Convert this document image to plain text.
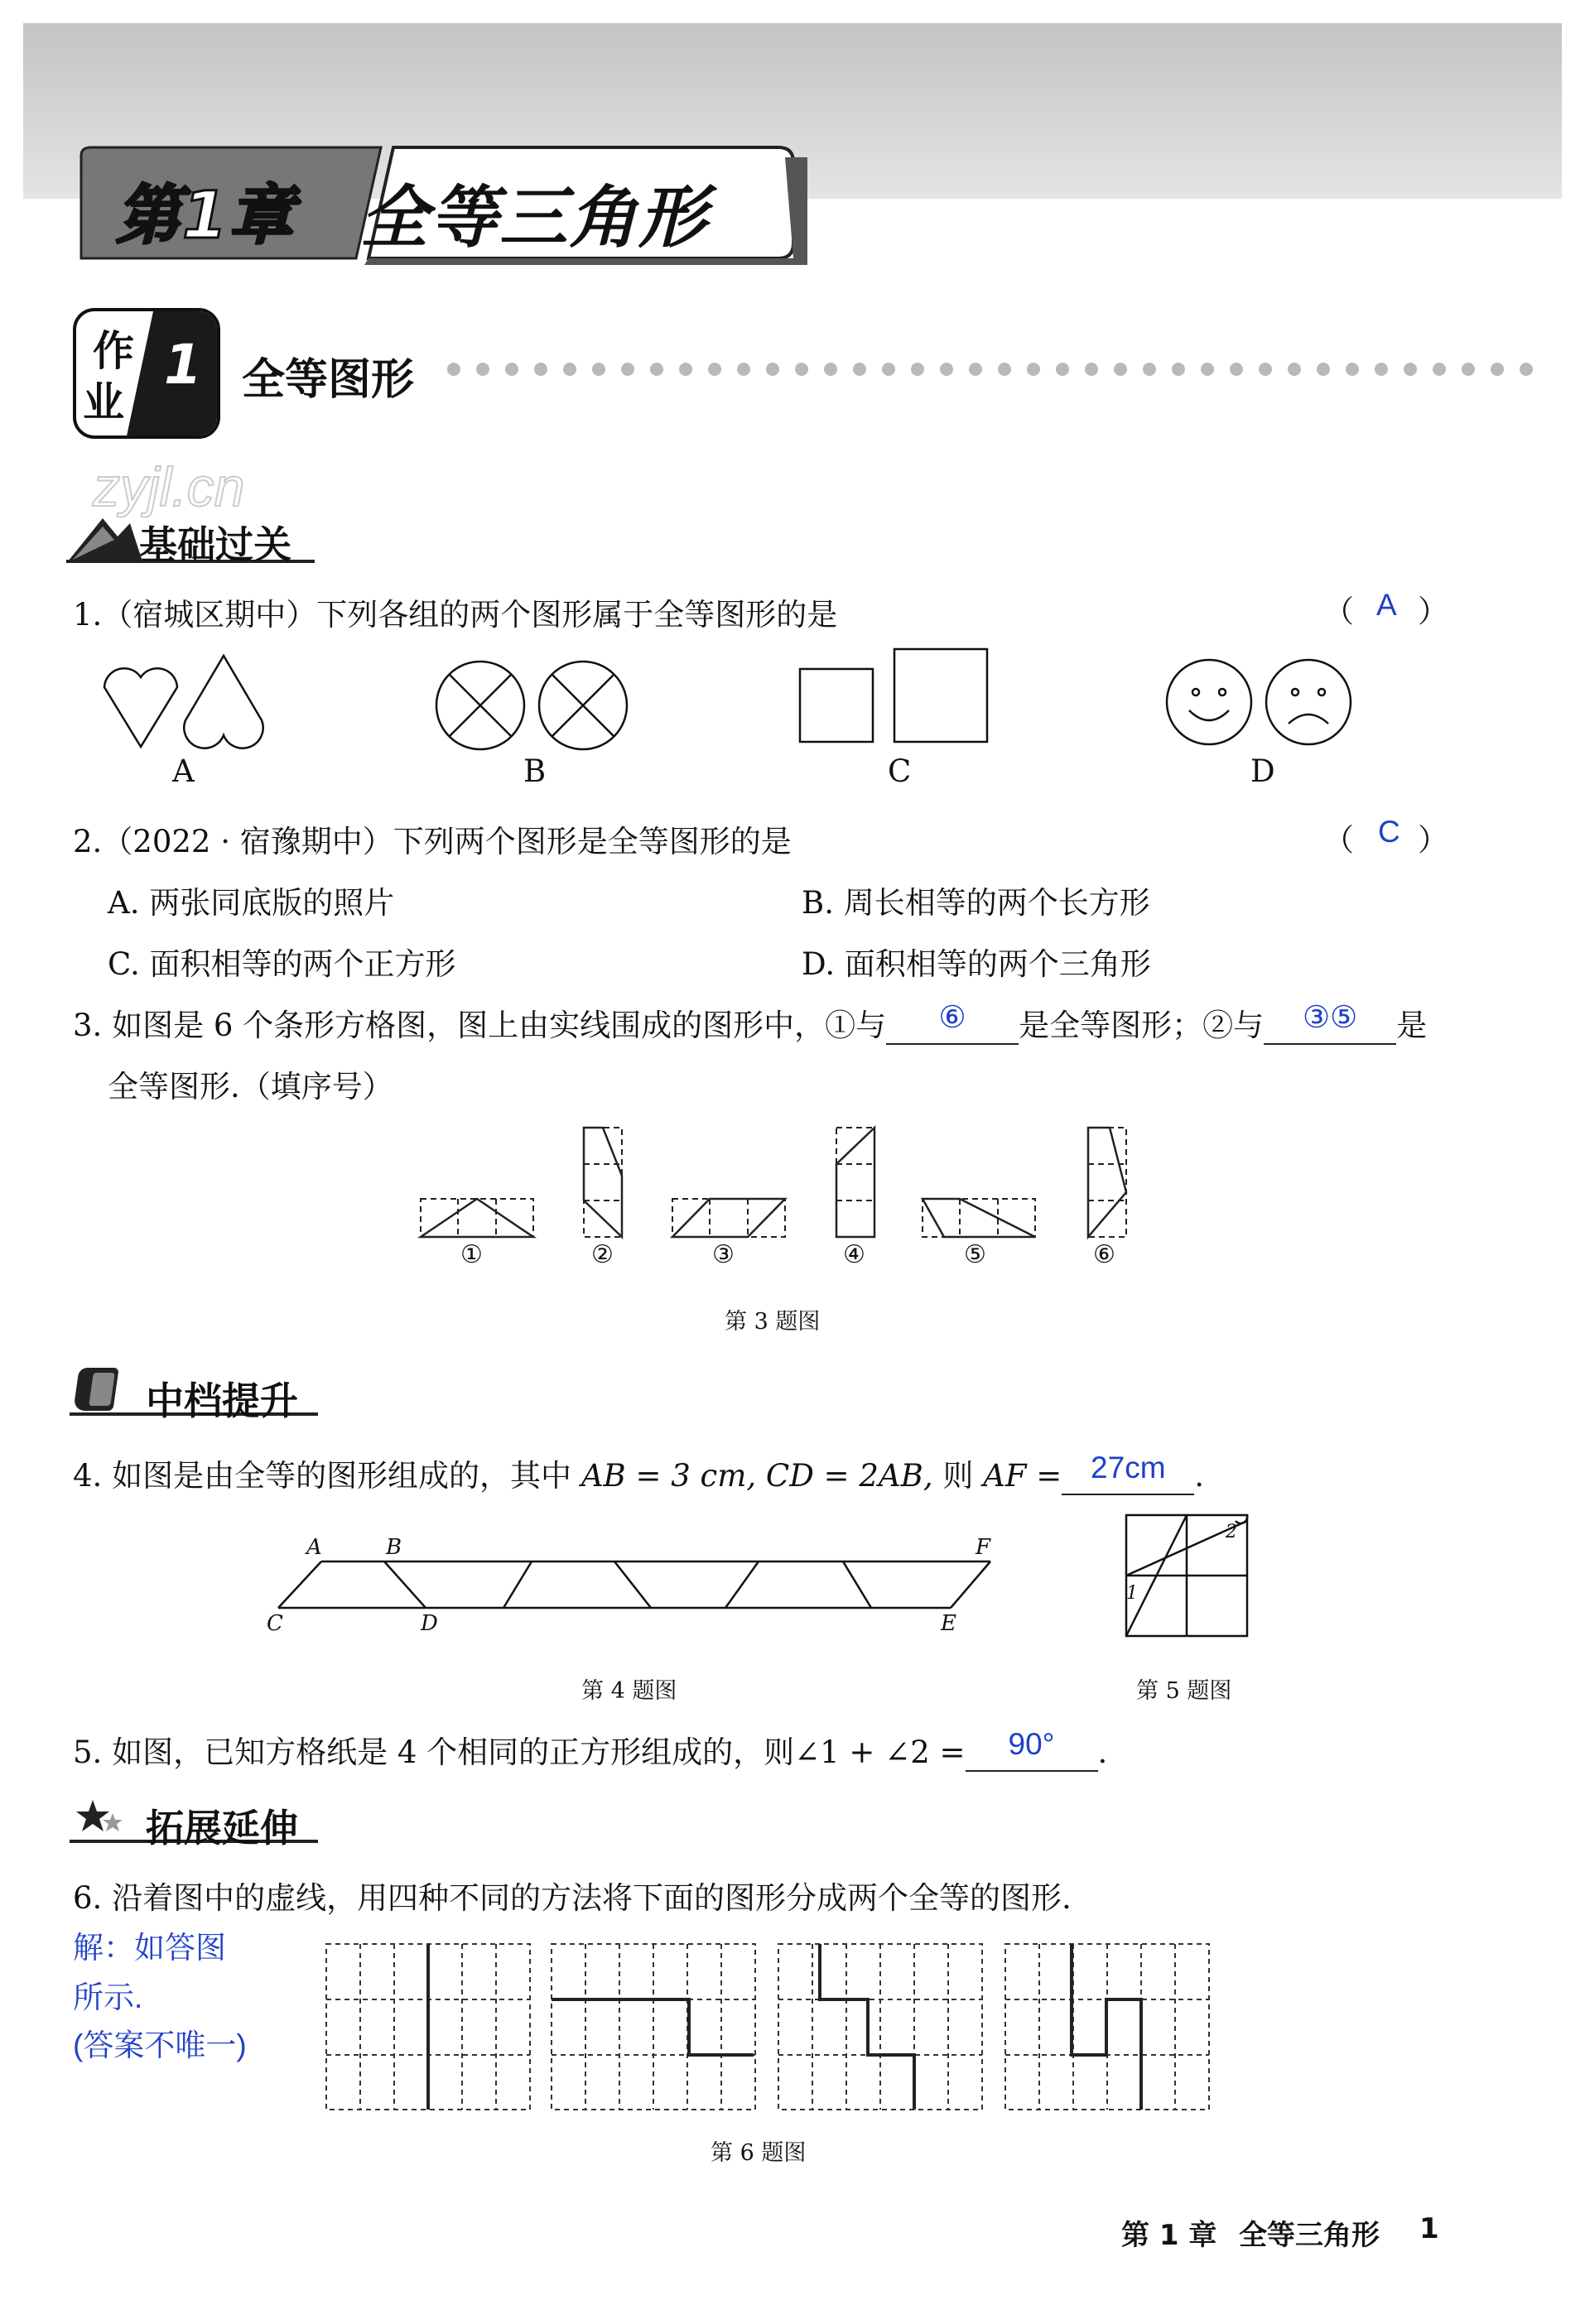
第1章 全等三角形
作
业
1 全等图形
zyjl.cn
基础过关
1.（宿城区期中）下列各组的两个图形属于全等图形的是	（ A ）
A	B	C	D
2.（2022 · 宿豫期中）下列两个图形是全等图形的是	（ C ）
A. 两张同底版的照片	B. 周长相等的两个长方形
C. 面积相等的两个正方形	D. 面积相等的两个三角形
3. 如图是 6 个条形方格图，图上由实线围成的图形中，①与 ⑥ 是全等图形；②与 ③⑤ 是
全等图形.（填序号）
①	②	③	④	⑤	⑥
第 3 题图
中档提升
4. 如图是由全等的图形组成的，其中 AB = 3 cm, CD = 2AB, 则 AF = 27cm .
A	B	F
C	D	E
第 4 题图
1
2
第 5 题图
5. 如图，已知方格纸是 4 个相同的正方形组成的，则∠1 + ∠2 = 90° .
拓展延伸
6. 沿着图中的虚线，用四种不同的方法将下面的图形分成两个全等的图形.
解：如答图
所示.
(答案不唯一)
第 6 题图
第 1 章 全等三角形 1
